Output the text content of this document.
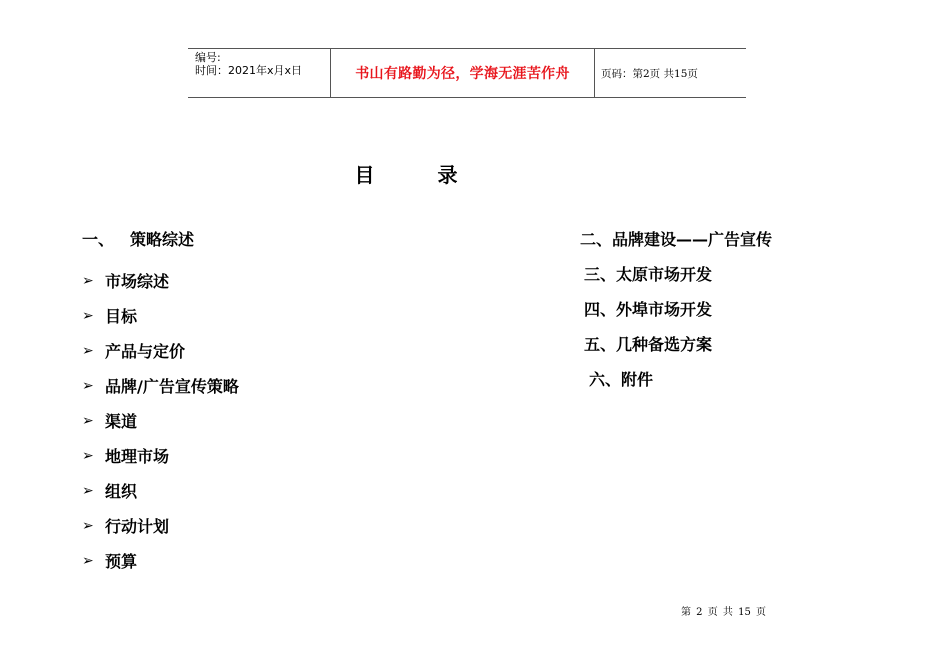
编号:
时间：2021年x月x日	书山有路勤为径，学海无涯苦作舟	页码：第2页 共15页
目 录
一、 策略综述
➢ 市场综述
➢ 目标
➢ 产品与定价
➢ 品牌/广告宣传策略
➢ 渠道
➢ 地理市场
➢ 组织
➢ 行动计划
➢ 预算
二、品牌建设——广告宣传
三、太原市场开发
四、外埠市场开发
五、几种备选方案
六、附件
第 2 页 共 15 页
